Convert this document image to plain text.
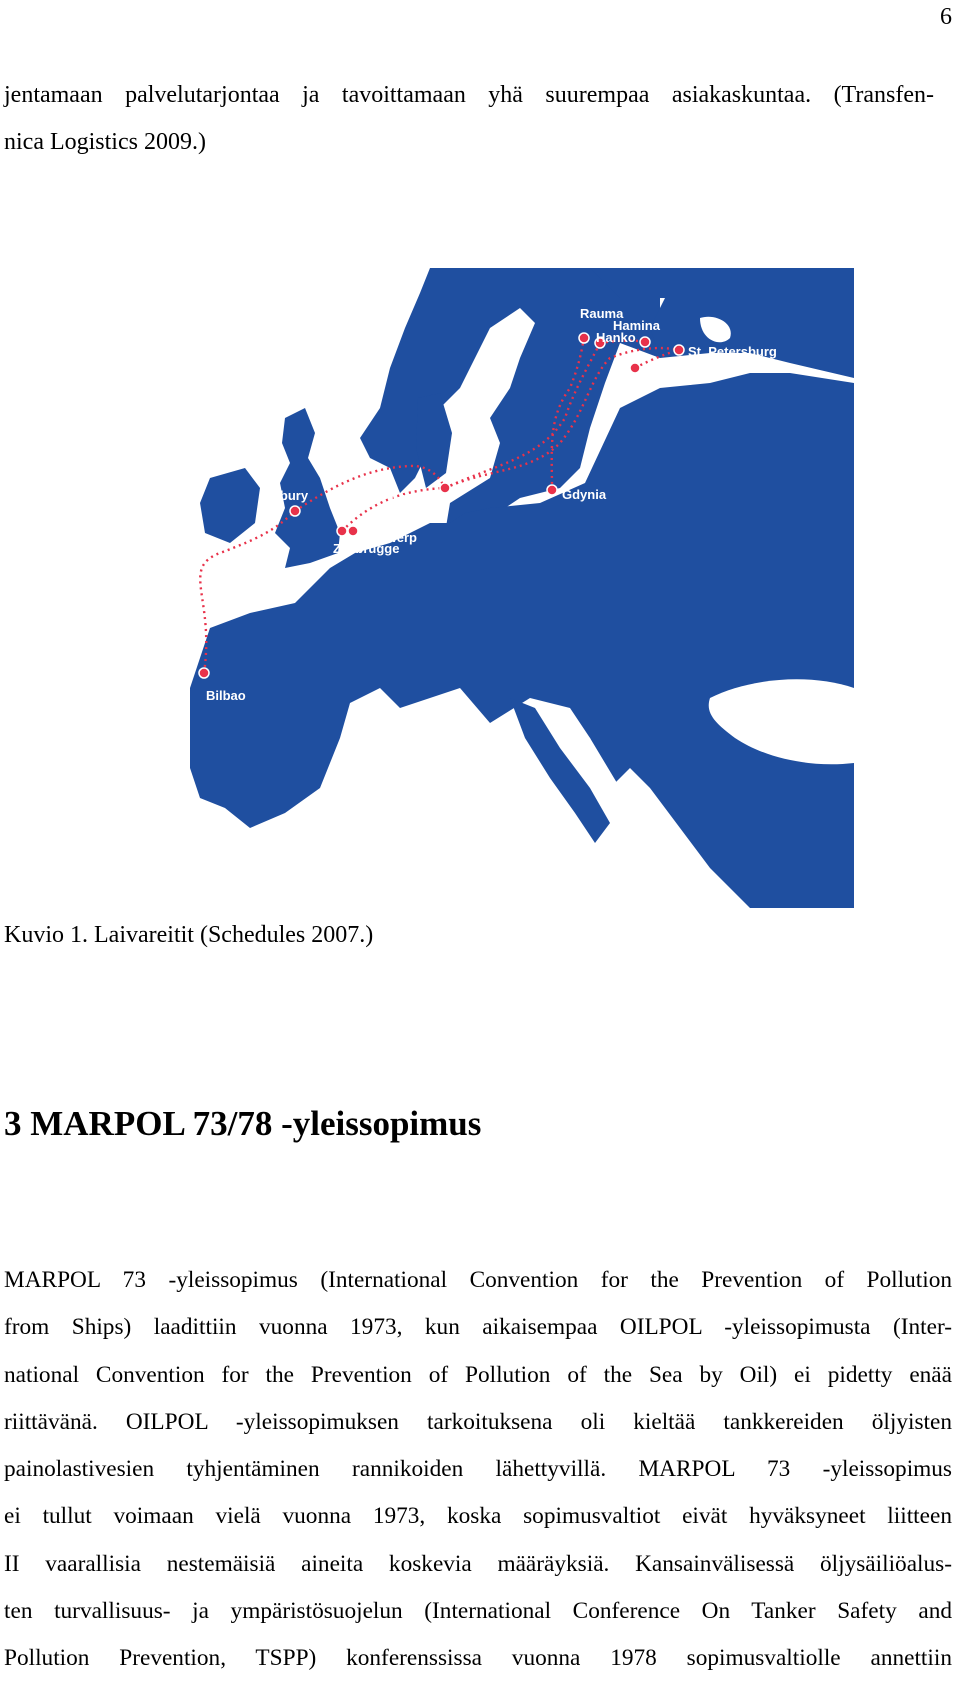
6
jentamaan palvelutarjontaa ja tavoittamaan yhä suurempaa asiakaskuntaa. (Transfen-
nica Logistics 2009.)
Rauma
Hamina
Hanko
St. Petersburg
Paldiski
Lübeck	Gdynia
Tilbury
Antwerp
Zeebrugge
Bilbao
Kuvio 1. Laivareitit (Schedules 2007.)
3 MARPOL 73/78 -yleissopimus
MARPOL 73 -yleissopimus (International Convention for the Prevention of Pollution
from Ships) laadittiin vuonna 1973, kun aikaisempaa OILPOL -yleissopimusta (Inter-
national Convention for the Prevention of Pollution of the Sea by Oil) ei pidetty enää
riittävänä. OILPOL -yleissopimuksen tarkoituksena oli kieltää tankkereiden öljyisten
painolastivesien tyhjentäminen rannikoiden lähettyvillä. MARPOL 73 -yleissopimus
ei tullut voimaan vielä vuonna 1973, koska sopimusvaltiot eivät hyväksyneet liitteen
II vaarallisia nestemäisiä aineita koskevia määräyksiä. Kansainvälisessä öljysäiliöalus-
ten turvallisuus- ja ympäristösuojelun (International Conference On Tanker Safety and
Pollution Prevention, TSPP) konferenssissa vuonna 1978 sopimusvaltiolle annettiin
